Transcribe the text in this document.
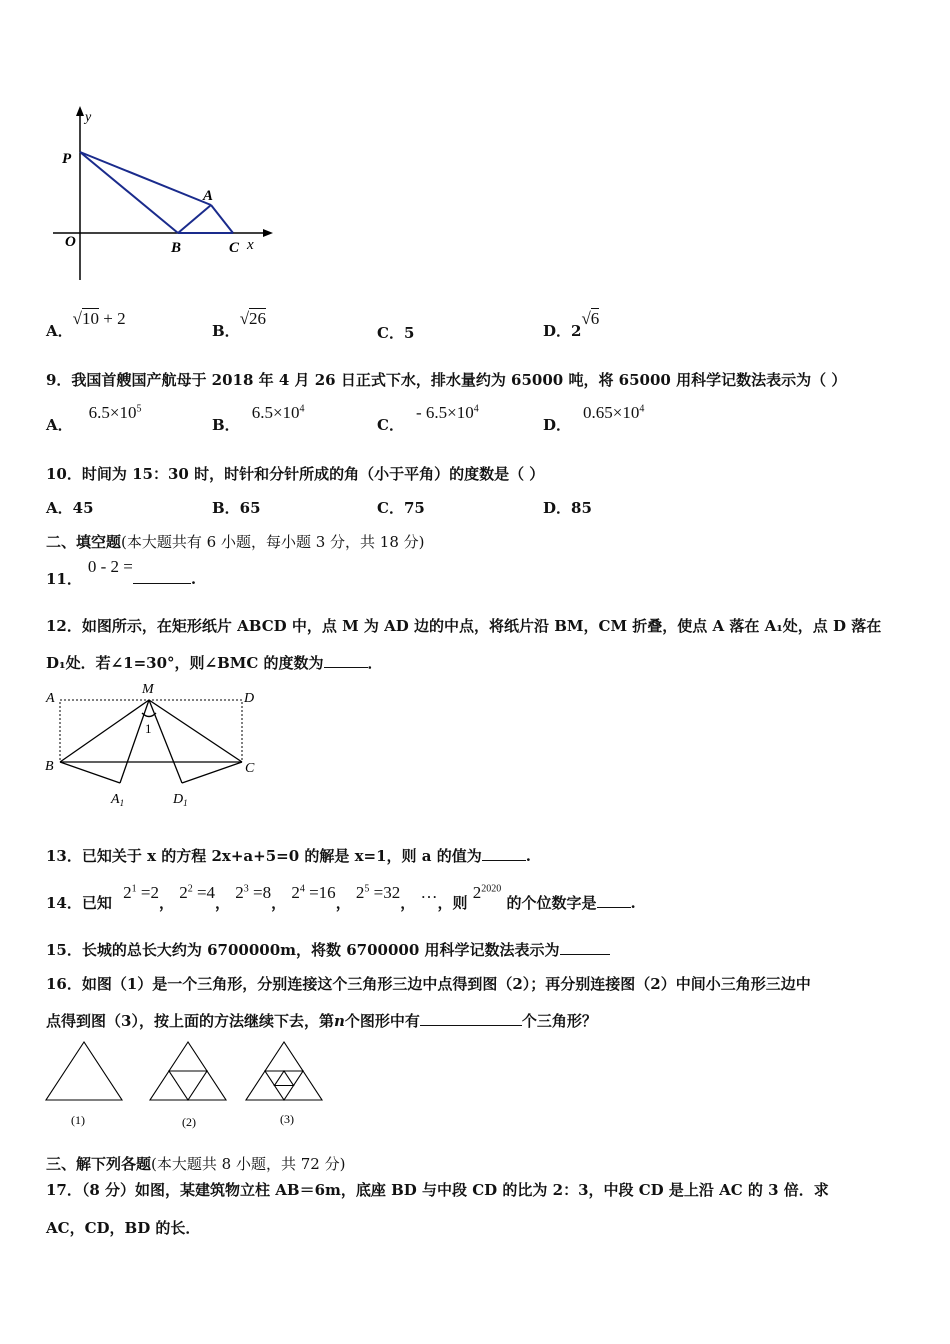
y
P
A
O	B	C x
A．√10 + 2
B．√26
C．5	D．2√6
9．我国首艘国产航母于 2018 年 4 月 26 日正式下水，排水量约为 65000 吨，将 65000 用科学记数法表示为（ ）
A．$6.5\times 10^5$
B．$6.5\times 10^4$
C．- $6.5\times 10^4$
D．$0.65\times 10^4$
10．时间为 15：30 时，时针和分针所成的角（小于平角）的度数是（ ）
A．45	B．65	C．75	D．85
二、填空题(本大题共有 6 小题，每小题 3 分，共 18 分)
11．0 - 2 =.
12．如图所示，在矩形纸片 ABCD 中，点 M 为 AD 边的中点，将纸片沿 BM，CM 折叠，使点 A 落在 A₁处，点 D 落在
D₁处．若∠1=30°，则∠BMC 的度数为	．
A
M
D
1
B	C
$A_1$	$D_1$
13．已知关于 x 的方程 2x+a+5=0 的解是 x=1，则 a 的值为	.
14．已知 $2^1 =2$， $2^2 =4$， $2^3 =8$， $2^4 =16$， $2^5 =32$， …，则 $2^{2020}$ 的个位数字是 .
15．长城的总长大约为 6700000m，将数 6700000 用科学记数法表示为
16．如图（1）是一个三角形，分别连接这个三角形三边中点得到图（2）；再分别连接图（2）中间小三角形三边中
点得到图（3），按上面的方法继续下去，第n个图形中有	个三角形？
(1)	(2)	(3)
三、解下列各题(本大题共 8 小题，共 72 分)
17．（8 分）如图，某建筑物立柱 AB＝6m，底座 BD 与中段 CD 的比为 2：3，中段 CD 是上沿 AC 的 3 倍．求
AC，CD，BD 的长．
